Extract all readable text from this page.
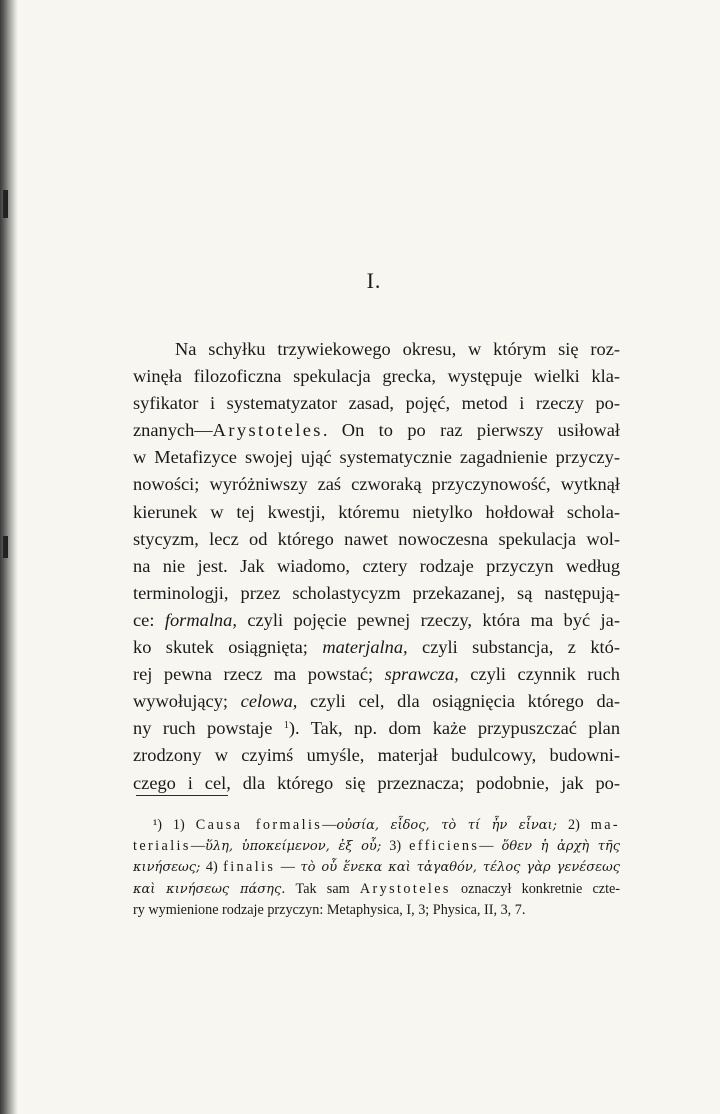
I.
Na schyłku trzywiekowego okresu, w którym się roz-
winęła filozoficzna spekulacja grecka, występuje wielki kla-
syfikator i systematyzator zasad, pojęć, metod i rzeczy po-
znanych—Arystoteles. On to po raz pierwszy usiłował
w Metafizyce swojej ująć systematycznie zagadnienie przyczy-
nowości; wyróżniwszy zaś czworaką przyczynowość, wytknął
kierunek w tej kwestji, któremu nietylko hołdował schola-
stycyzm, lecz od którego nawet nowoczesna spekulacja wol-
na nie jest. Jak wiadomo, cztery rodzaje przyczyn według
terminologji, przez scholastycyzm przekazanej, są następują-
ce: formalna, czyli pojęcie pewnej rzeczy, która ma być ja-
ko skutek osiągnięta; materjalna, czyli substancja, z któ-
rej pewna rzecz ma powstać; sprawcza, czyli czynnik ruch
wywołujący; celowa, czyli cel, dla osiągnięcia którego da-
ny ruch powstaje $^1$). Tak, np. dom każe przypuszczać plan
zrodzony w czyimś umyśle, materjał budulcowy, budowni-
czego i cel, dla którego się przeznacza; podobnie, jak po-
¹) 1) Causa formalis—οὐσία, εἶδος, τὸ τί ἦν εἶναι; 2) ma-
terialis—ὕλη, ὑποκείμενον, ἐξ οὗ; 3) efficiens— ὅθεν ἡ ἀρχὴ τῆς
κινήσεως; 4) finalis — τὸ οὗ ἕνεκα καὶ τἀγαθόν, τέλος γὰρ γενέσεως
καὶ κινήσεως πάσης. Tak sam Arystoteles oznaczył konkretnie czte-
ry wymienione rodzaje przyczyn: Metaphysica, I, 3; Physica, II, 3, 7.
